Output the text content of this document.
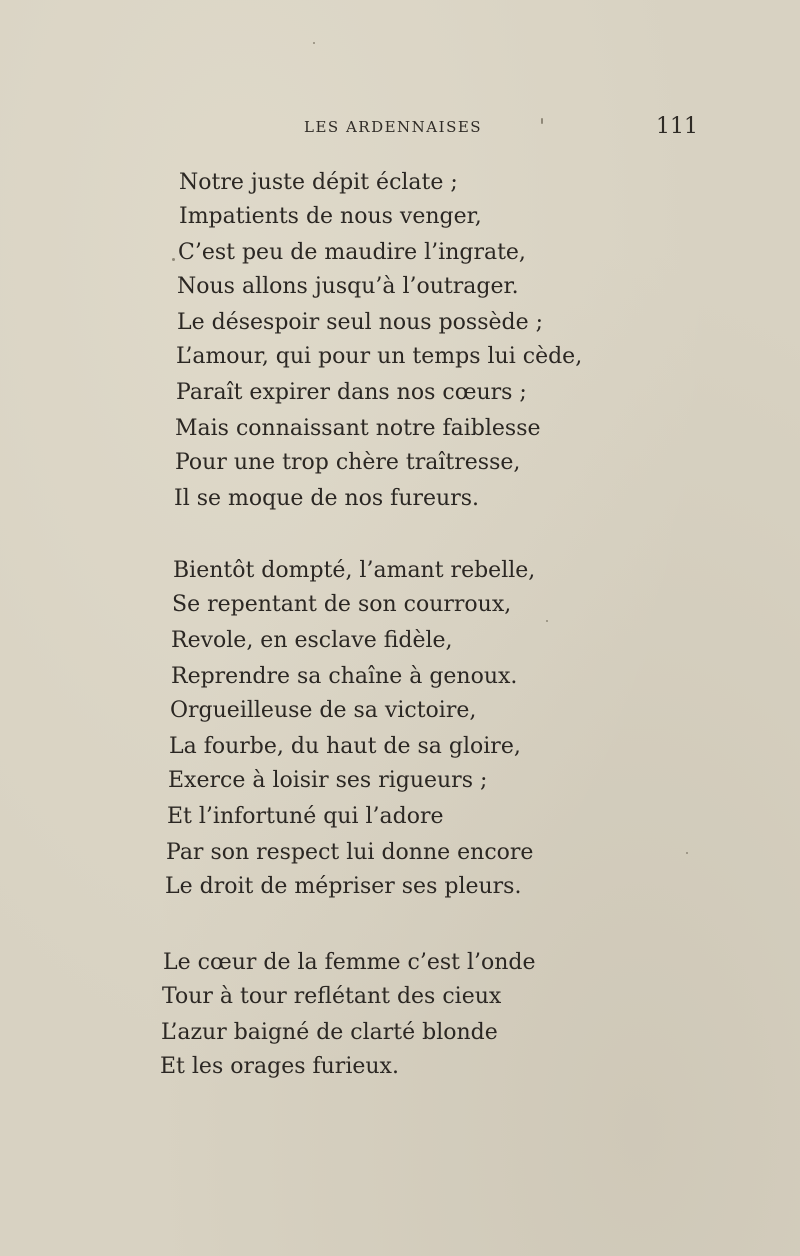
LES ARDENNAISES	111
Notre juste dépit éclate ;
Impatients de nous venger,
C’est peu de maudire l’ingrate,
Nous allons jusqu’à l’outrager.
Le désespoir seul nous possède ;
L’amour, qui pour un temps lui cède,
Paraît expirer dans nos cœurs ;
Mais connaissant notre faiblesse
Pour une trop chère traîtresse,
Il se moque de nos fureurs.
Bientôt dompté, l’amant rebelle,
Se repentant de son courroux,
Revole, en esclave fidèle,
Reprendre sa chaîne à genoux.
Orgueilleuse de sa victoire,
La fourbe, du haut de sa gloire,
Exerce à loisir ses rigueurs ;
Et l’infortuné qui l’adore
Par son respect lui donne encore
Le droit de mépriser ses pleurs.
Le cœur de la femme c’est l’onde
Tour à tour reflétant des cieux
L’azur baigné de clarté blonde
Et les orages furieux.
